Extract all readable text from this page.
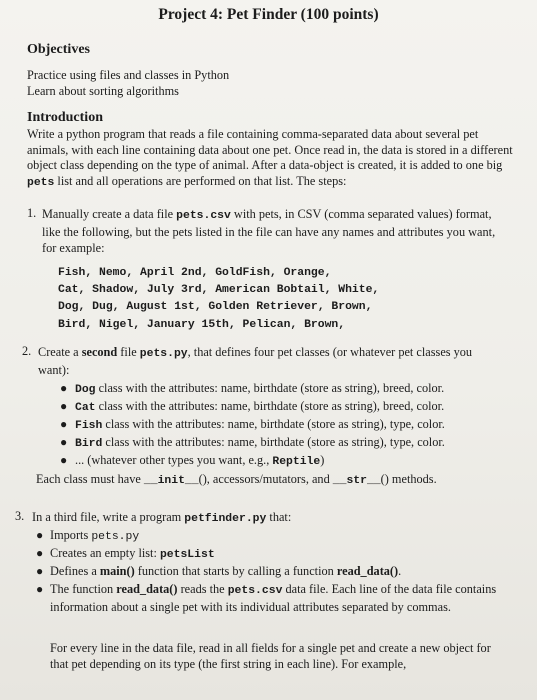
Project 4: Pet Finder (100 points)
Objectives
Practice using files and classes in Python
Learn about sorting algorithms
Introduction

Write a python program that reads a file containing comma-separated data about several pet animals, with each line containing data about one pet. Once read in, the data is stored in a different object class depending on the type of animal. After a data-object is created, it is added to one big pets list and all operations are performed on that list. The steps:

1. Manually create a data file pets.csv with pets, in CSV (comma separated values) format, like the following, but the pets listed in the file can have any names and attributes you want, for example:

Fish, Nemo, April 2nd, GoldFish, Orange,
Cat, Shadow, July 3rd, American Bobtail, White,
Dog, Dug, August 1st, Golden Retriever, Brown,
Bird, Nigel, January 15th, Pelican, Brown,
2. Create a second file pets.py, that defines four pet classes (or whatever pet classes you want):

● Dog class with the attributes: name, birthdate (store as string), breed, color.
● Cat class with the attributes: name, birthdate (store as string), breed, color.
● Fish class with the attributes: name, birthdate (store as string), type, color.
● Bird class with the attributes: name, birthdate (store as string), type, color.
● ... (whatever other types you want, e.g., Reptile)
Each class must have __init__(), accessors/mutators, and __str__() methods.
3. In a third file, write a program petfinder.py that:
● Imports pets.py
● Creates an empty list: petsList
● Defines a main() function that starts by calling a function read_data().
● The function read_data() reads the pets.csv data file. Each line of the data file contains information about a single pet with its individual attributes separated by commas.

For every line in the data file, read in all fields for a single pet and create a new object for that pet depending on its type (the first string in each line). For example,
